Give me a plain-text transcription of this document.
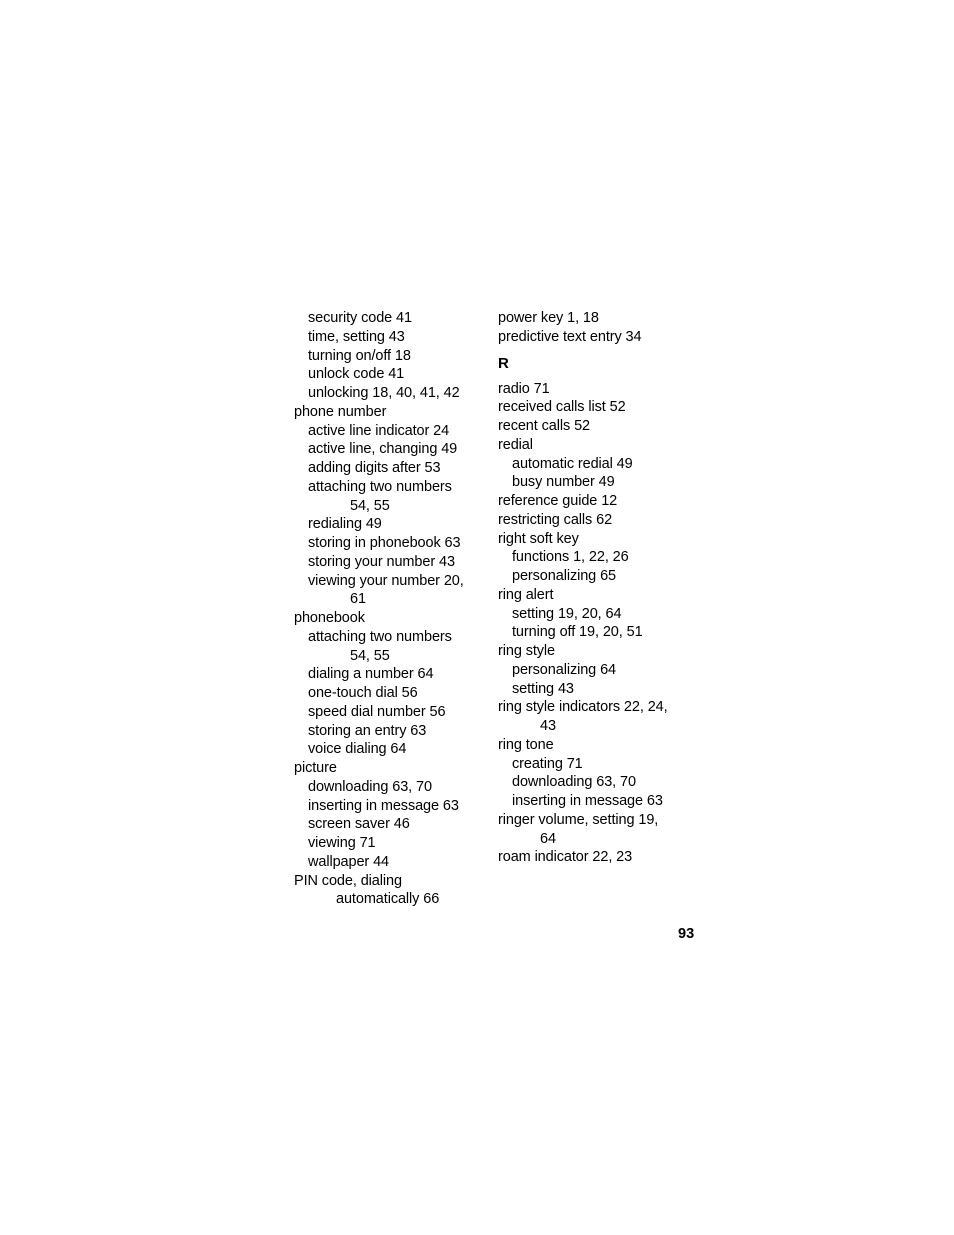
security code 41
time, setting 43
turning on/off 18
unlock code 41
unlocking 18, 40, 41, 42
phone number
active line indicator 24
active line, changing 49
adding digits after 53
attaching two numbers
54, 55
redialing 49
storing in phonebook 63
storing your number 43
viewing your number 20,
61
phonebook
attaching two numbers
54, 55
dialing a number 64
one-touch dial 56
speed dial number 56
storing an entry 63
voice dialing 64
picture
downloading 63, 70
inserting in message 63
screen saver 46
viewing 71
wallpaper 44
PIN code, dialing
automatically 66
power key 1, 18
predictive text entry 34
R
radio 71
received calls list 52
recent calls 52
redial
automatic redial 49
busy number 49
reference guide 12
restricting calls 62
right soft key
functions 1, 22, 26
personalizing 65
ring alert
setting 19, 20, 64
turning off 19, 20, 51
ring style
personalizing 64
setting 43
ring style indicators 22, 24,
43
ring tone
creating 71
downloading 63, 70
inserting in message 63
ringer volume, setting 19,
64
roam indicator 22, 23
93
